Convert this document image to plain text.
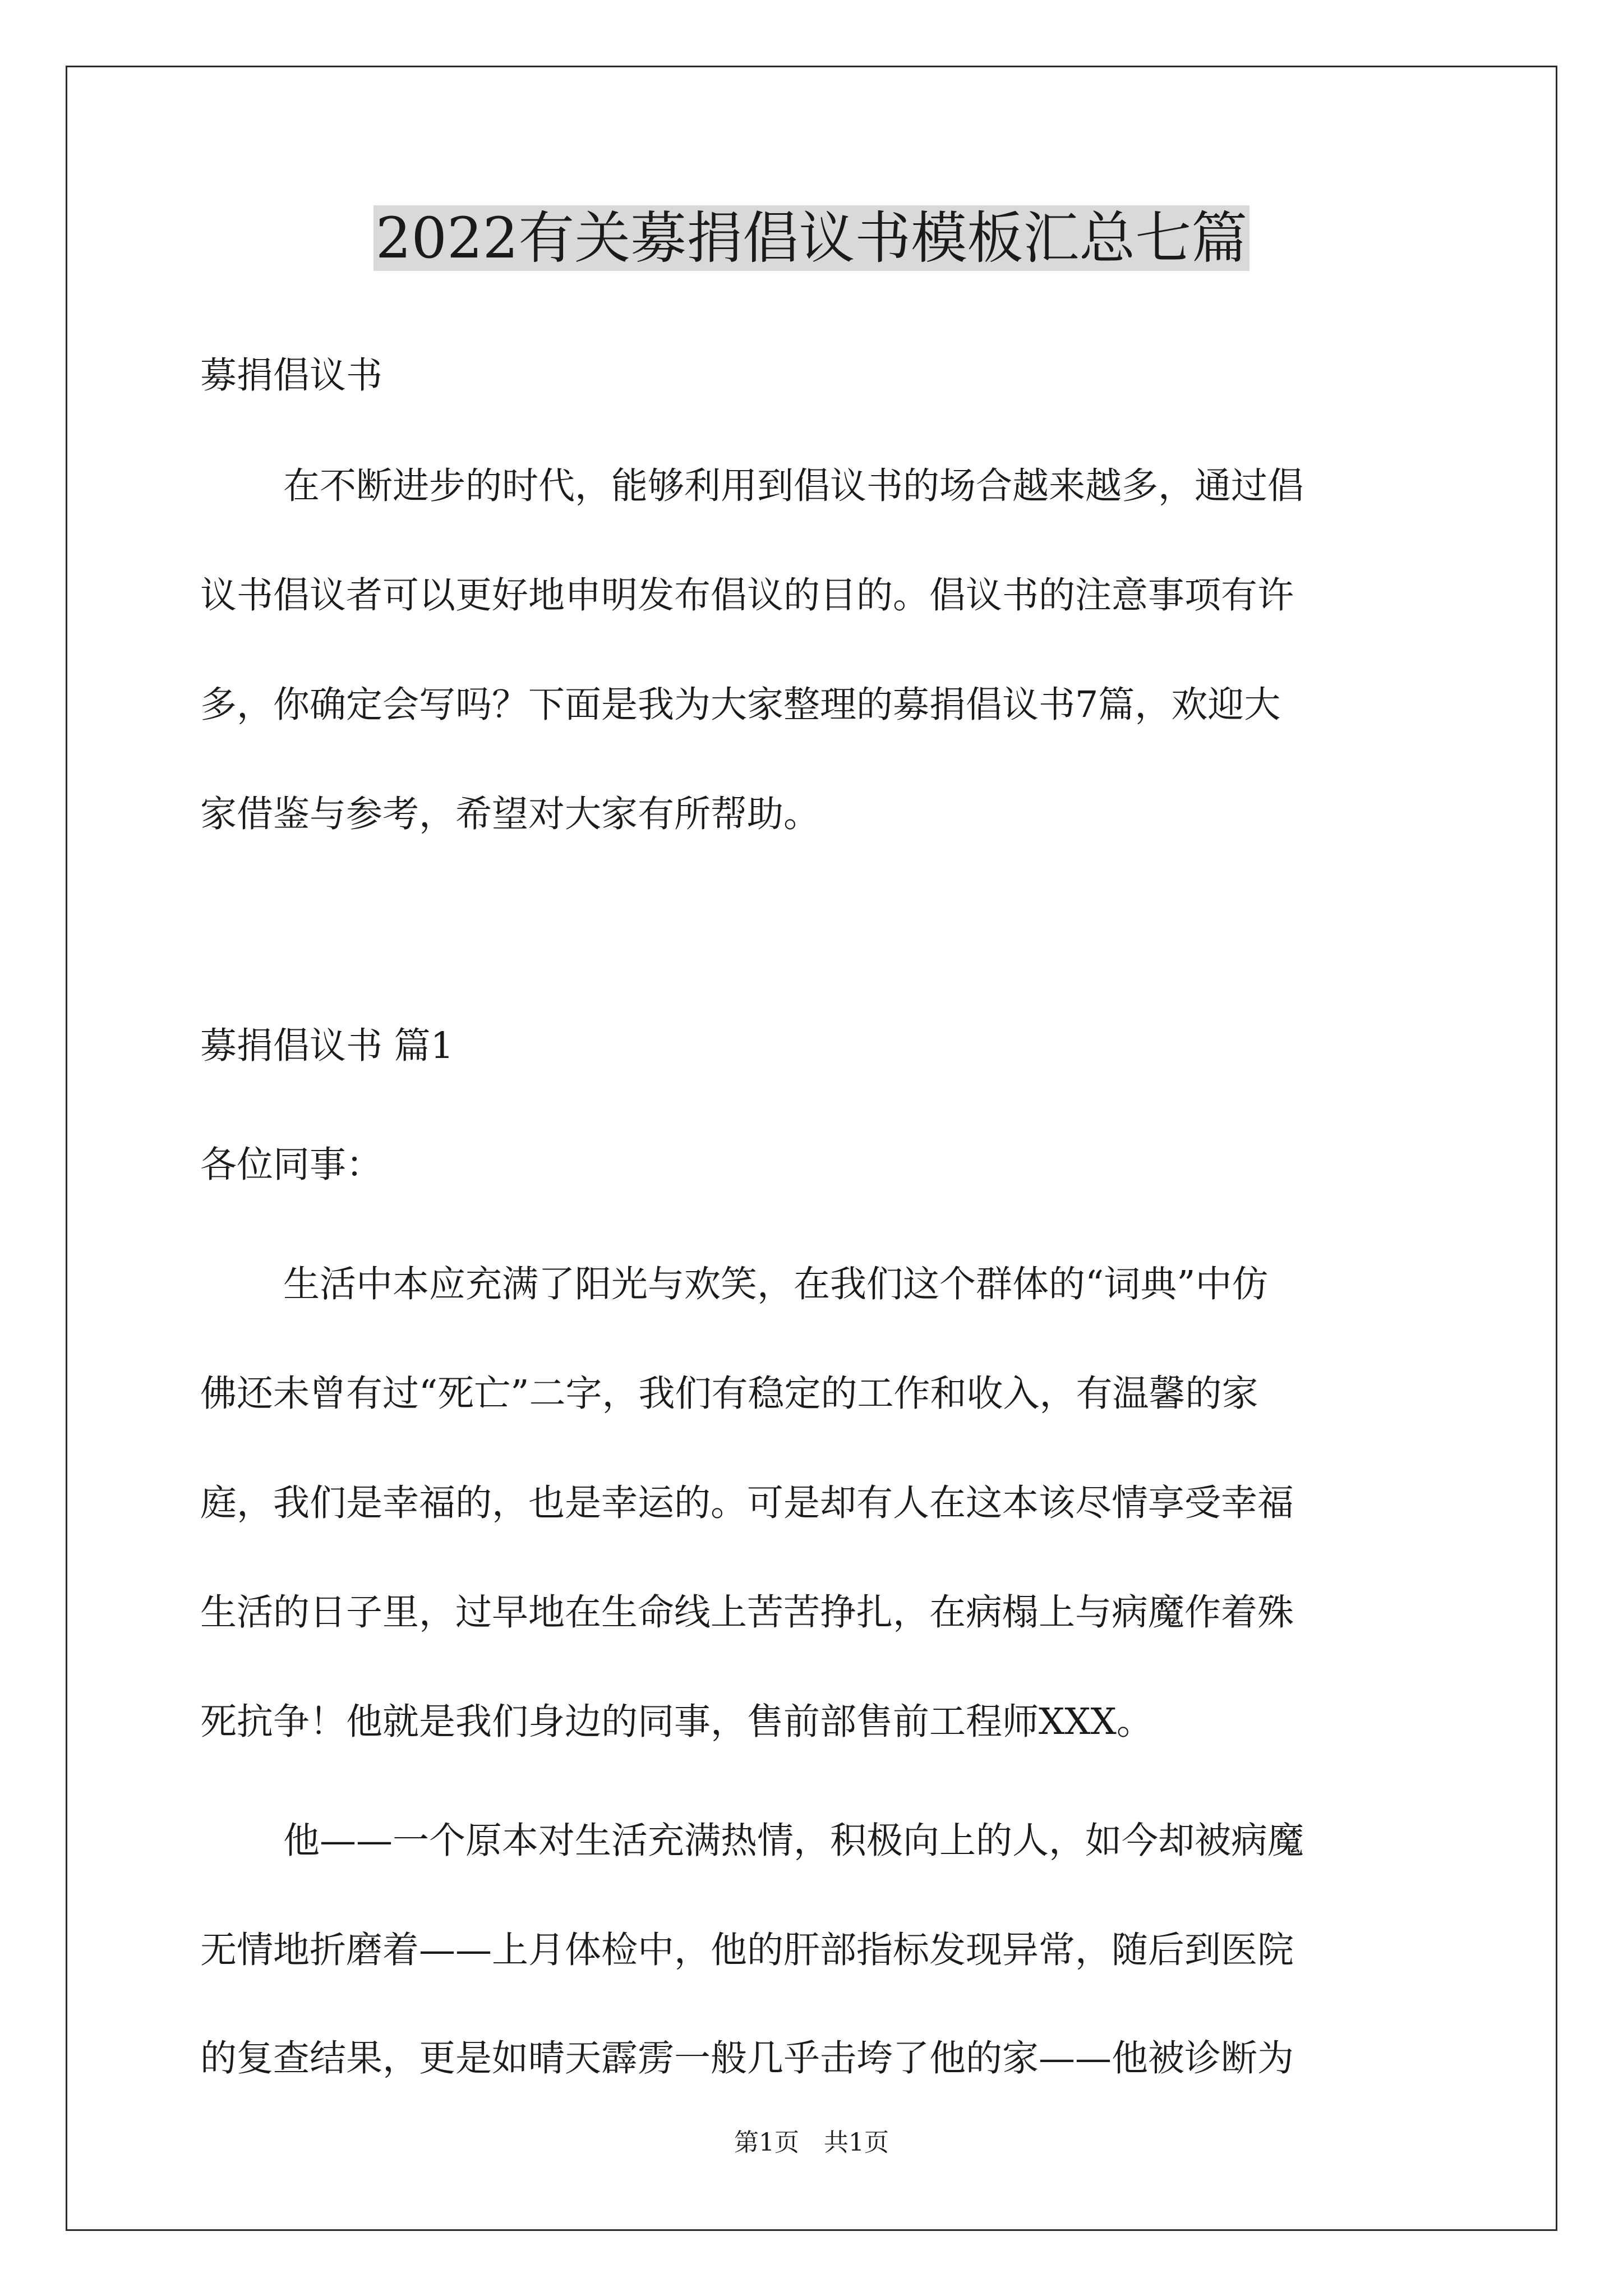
2022有关募捐倡议书模板汇总七篇
募捐倡议书
在不断进步的时代，能够利用到倡议书的场合越来越多，通过倡
议书倡议者可以更好地申明发布倡议的目的。倡议书的注意事项有许
多，你确定会写吗？下面是我为大家整理的募捐倡议书7篇，欢迎大
家借鉴与参考，希望对大家有所帮助。
募捐倡议书 篇1
各位同事：
生活中本应充满了阳光与欢笑，在我们这个群体的“词典”中仿
佛还未曾有过“死亡”二字，我们有稳定的工作和收入，有温馨的家
庭，我们是幸福的，也是幸运的。可是却有人在这本该尽情享受幸福
生活的日子里，过早地在生命线上苦苦挣扎，在病榻上与病魔作着殊
死抗争！他就是我们身边的同事，售前部售前工程师XXX。
他——一个原本对生活充满热情，积极向上的人，如今却被病魔
无情地折磨着——上月体检中，他的肝部指标发现异常，随后到医院
的复查结果，更是如晴天霹雳一般几乎击垮了他的家——他被诊断为
第1页　共1页
